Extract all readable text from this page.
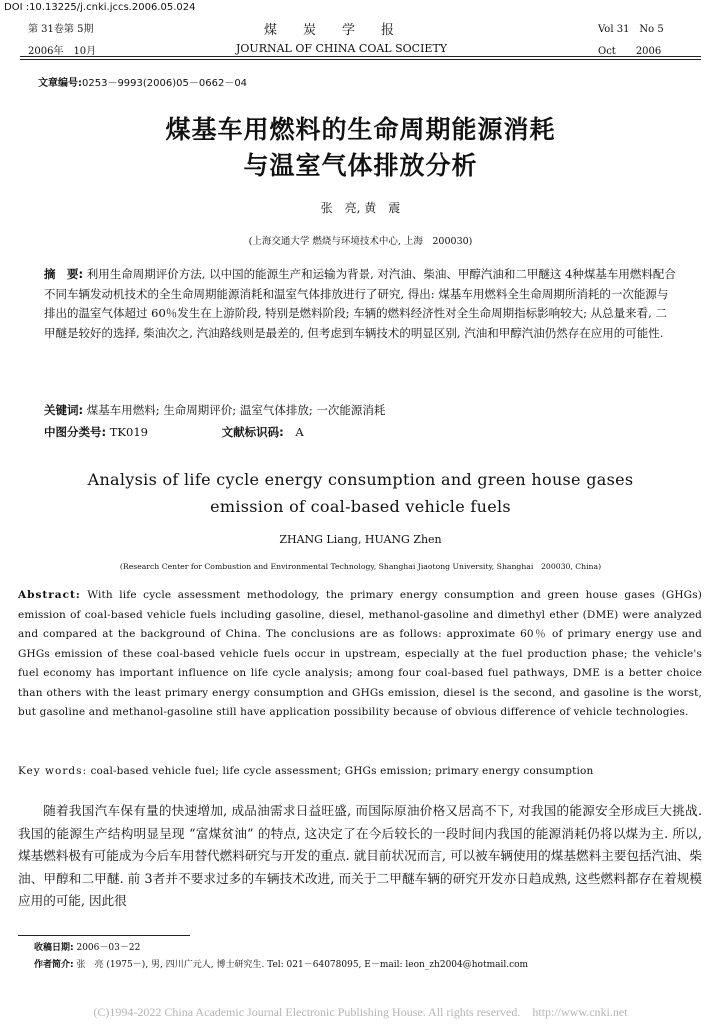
DOI :10.13225/j.cnki.jccs.2006.05.024
第 31卷第 5期	煤　　炭　　学　　报	Vol 31　No 5
2006年　10月	JOURNAL OF CHINA COAL SOCIETY	Oct　　2006
文章编号:0253－9993(2006)05－0662－04
煤基车用燃料的生命周期能源消耗
与温室气体排放分析
张　亮, 黄　震
(上海交通大学 燃烧与环境技术中心, 上海　200030)
摘　要: 利用生命周期评价方法, 以中国的能源生产和运输为背景, 对汽油、柴油、甲醇汽油和二甲醚这 4种煤基车用燃料配合不同车辆发动机技术的全生命周期能源消耗和温室气体排放进行了研究, 得出: 煤基车用燃料全生命周期所消耗的一次能源与排出的温室气体超过 60％发生在上游阶段, 特别是燃料阶段; 车辆的燃料经济性对全生命周期指标影响较大; 从总量来看, 二甲醚是较好的选择, 柴油次之, 汽油路线则是最差的, 但考虑到车辆技术的明显区别, 汽油和甲醇汽油仍然存在应用的可能性.
关键词: 煤基车用燃料; 生命周期评价; 温室气体排放; 一次能源消耗
中图分类号: TK019	文献标识码: A
Analysis of life cycle energy consumption and green house gases
emission of coal-based vehicle fuels
ZHANG Liang, HUANG Zhen
(Research Center for Combustion and Environmental Technology, Shanghai Jiaotong University, Shanghai　200030, China)
Abstract: With life cycle assessment methodology, the primary energy consumption and green house gases (GHGs) emission of coal-based vehicle fuels including gasoline, diesel, methanol-gasoline and dimethyl ether (DME) were analyzed and compared at the background of China. The conclusions are as follows: approximate 60％ of primary energy use and GHGs emission of these coal-based vehicle fuels occur in upstream, especially at the fuel production phase; the vehicle's fuel economy has important influence on life cycle analysis; among four coal-based fuel pathways, DME is a better choice than others with the least primary energy consumption and GHGs emission, diesel is the second, and gasoline is the worst, but gasoline and methanol-gasoline still have application possibility because of obvious difference of vehicle technologies.
Key words: coal-based vehicle fuel; life cycle assessment; GHGs emission; primary energy consumption
随着我国汽车保有量的快速增加, 成品油需求日益旺盛, 而国际原油价格又居高不下, 对我国的能源安全形成巨大挑战. 我国的能源生产结构明显呈现 “富煤贫油” 的特点, 这决定了在今后较长的一段时间内我国的能源消耗仍将以煤为主. 所以, 煤基燃料极有可能成为今后车用替代燃料研究与开发的重点. 就目前状况而言, 可以被车辆使用的煤基燃料主要包括汽油、柴油、甲醇和二甲醚. 前 3者并不要求过多的车辆技术改进, 而关于二甲醚车辆的研究开发亦日趋成熟, 这些燃料都存在着规模应用的可能, 因此很
收稿日期: 2006－03－22
作者简介: 张　亮 (1975－), 男, 四川广元人, 博士研究生. Tel: 021－64078095, E－mail: leon_zh2004@hotmail.com
(C)1994-2022 China Academic Journal Electronic Publishing House. All rights reserved.　http://www.cnki.net
